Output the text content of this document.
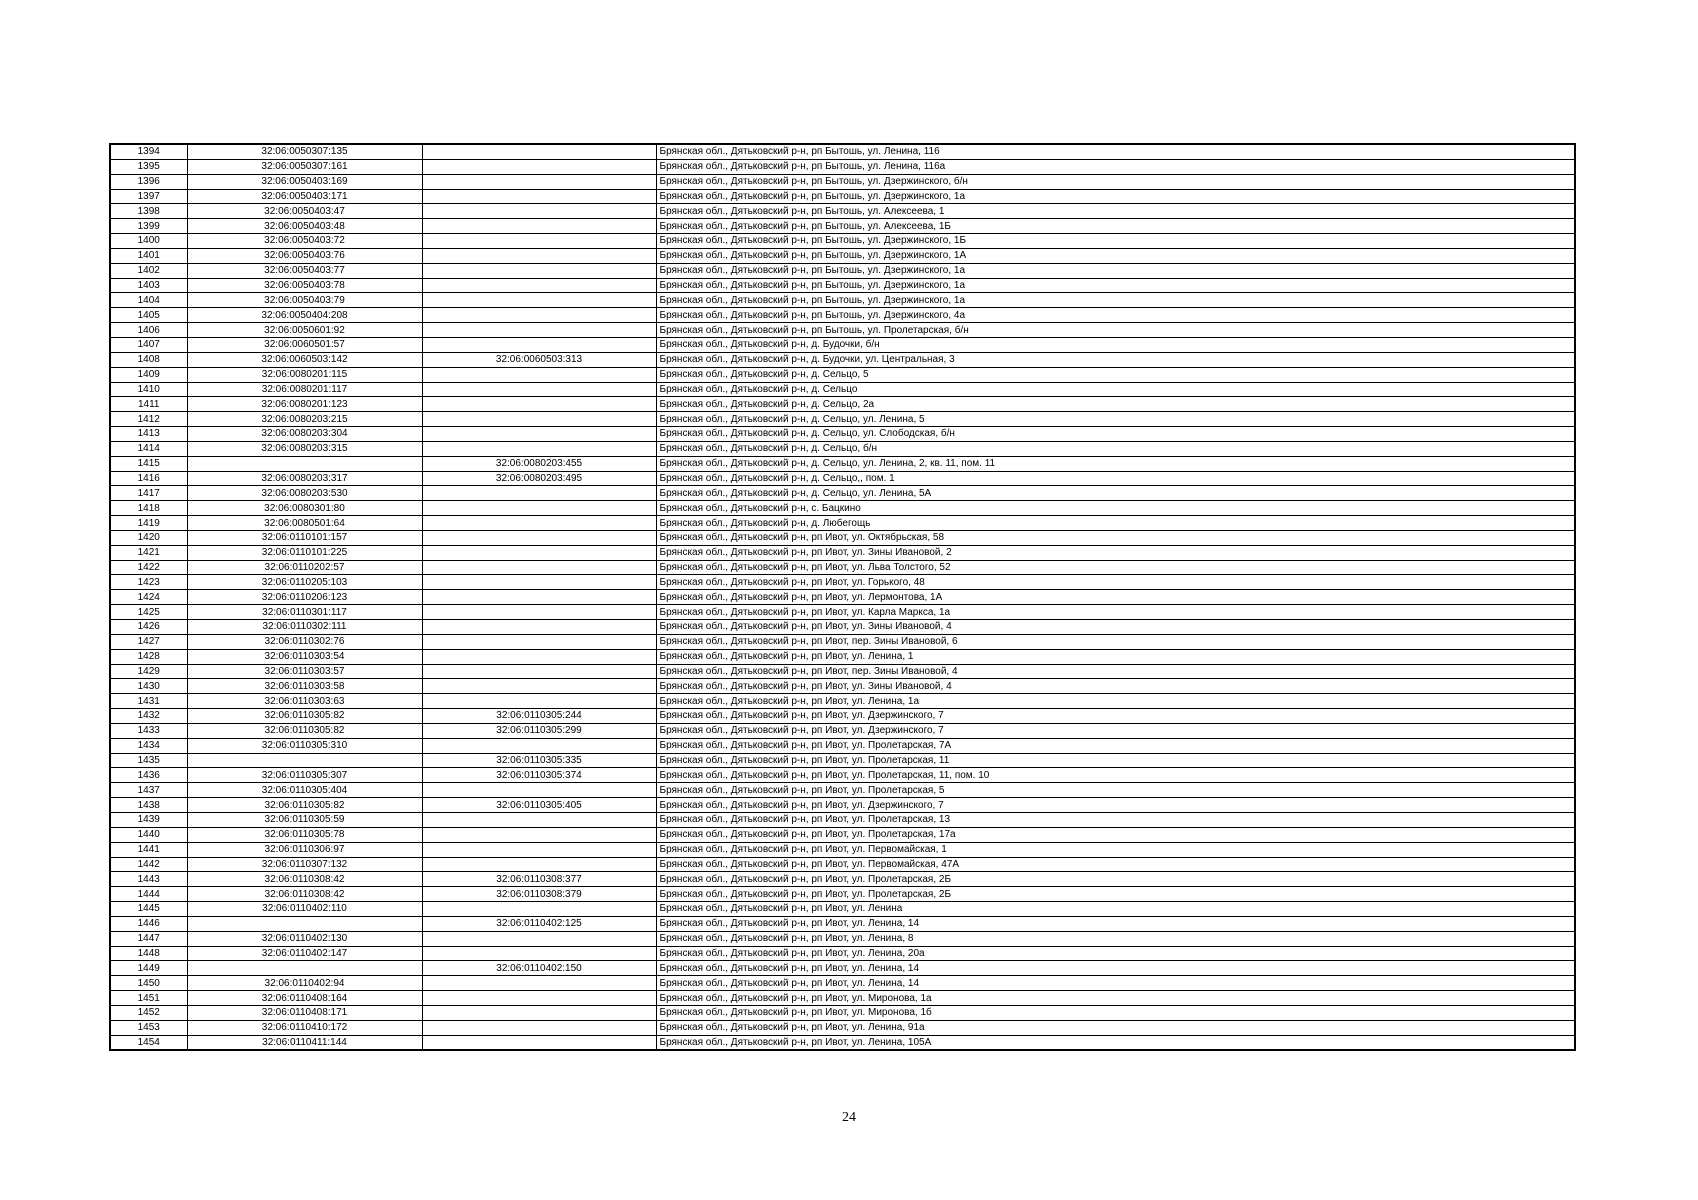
1394	32:06:0050307:135		Брянская обл., Дятьковский р-н, рп Бытошь, ул. Ленина, 116
1395	32:06:0050307:161		Брянская обл., Дятьковский р-н, рп Бытошь, ул. Ленина, 116а
1396	32:06:0050403:169		Брянская обл., Дятьковский р-н, рп Бытошь, ул. Дзержинского, б/н
1397	32:06:0050403:171		Брянская обл., Дятьковский р-н, рп Бытошь, ул. Дзержинского, 1а
1398	32:06:0050403:47		Брянская обл., Дятьковский р-н, рп Бытошь, ул. Алексеева, 1
1399	32:06:0050403:48		Брянская обл., Дятьковский р-н, рп Бытошь, ул. Алексеева, 1Б
1400	32:06:0050403:72		Брянская обл., Дятьковский р-н, рп Бытошь, ул. Дзержинского, 1Б
1401	32:06:0050403:76		Брянская обл., Дятьковский р-н, рп Бытошь, ул. Дзержинского, 1А
1402	32:06:0050403:77		Брянская обл., Дятьковский р-н, рп Бытошь, ул. Дзержинского, 1а
1403	32:06:0050403:78		Брянская обл., Дятьковский р-н, рп Бытошь, ул. Дзержинского, 1а
1404	32:06:0050403:79		Брянская обл., Дятьковский р-н, рп Бытошь, ул. Дзержинского, 1а
1405	32:06:0050404:208		Брянская обл., Дятьковский р-н, рп Бытошь, ул. Дзержинского, 4а
1406	32:06:0050601:92		Брянская обл., Дятьковский р-н, рп Бытошь, ул. Пролетарская, б/н
1407	32:06:0060501:57		Брянская обл., Дятьковский р-н, д. Будочки, б/н
1408	32:06:0060503:142	32:06:0060503:313	Брянская обл., Дятьковский р-н, д. Будочки, ул. Центральная, 3
1409	32:06:0080201:115		Брянская обл., Дятьковский р-н, д. Сельцо, 5
1410	32:06:0080201:117		Брянская обл., Дятьковский р-н, д. Сельцо
1411	32:06:0080201:123		Брянская обл., Дятьковский р-н, д. Сельцо, 2а
1412	32:06:0080203:215		Брянская обл., Дятьковский р-н, д. Сельцо, ул. Ленина, 5
1413	32:06:0080203:304		Брянская обл., Дятьковский р-н, д. Сельцо, ул. Слободская, б/н
1414	32:06:0080203:315		Брянская обл., Дятьковский р-н, д. Сельцо, б/н
1415		32:06:0080203:455	Брянская обл., Дятьковский р-н, д. Сельцо, ул. Ленина, 2, кв. 11, пом. 11
1416	32:06:0080203:317	32:06:0080203:495	Брянская обл., Дятьковский р-н, д. Сельцо,, пом. 1
1417	32:06:0080203:530		Брянская обл., Дятьковский р-н, д. Сельцо, ул. Ленина, 5А
1418	32:06:0080301:80		Брянская обл., Дятьковский р-н, с. Бацкино
1419	32:06:0080501:64		Брянская обл., Дятьковский р-н, д. Любегощь
1420	32:06:0110101:157		Брянская обл., Дятьковский р-н, рп Ивот, ул. Октябрьская, 58
1421	32:06:0110101:225		Брянская обл., Дятьковский р-н, рп Ивот, ул. Зины Ивановой, 2
1422	32:06:0110202:57		Брянская обл., Дятьковский р-н, рп Ивот, ул. Льва Толстого, 52
1423	32:06:0110205:103		Брянская обл., Дятьковский р-н, рп Ивот, ул. Горького, 48
1424	32:06:0110206:123		Брянская обл., Дятьковский р-н, рп Ивот, ул. Лермонтова, 1А
1425	32:06:0110301:117		Брянская обл., Дятьковский р-н, рп Ивот, ул. Карла Маркса, 1а
1426	32:06:0110302:111		Брянская обл., Дятьковский р-н, рп Ивот, ул. Зины Ивановой, 4
1427	32:06:0110302:76		Брянская обл., Дятьковский р-н, рп Ивот, пер. Зины Ивановой, 6
1428	32:06:0110303:54		Брянская обл., Дятьковский р-н, рп Ивот, ул. Ленина, 1
1429	32:06:0110303:57		Брянская обл., Дятьковский р-н, рп Ивот, пер. Зины Ивановой, 4
1430	32:06:0110303:58		Брянская обл., Дятьковский р-н, рп Ивот, ул. Зины Ивановой, 4
1431	32:06:0110303:63		Брянская обл., Дятьковский р-н, рп Ивот, ул. Ленина, 1а
1432	32:06:0110305:82	32:06:0110305:244	Брянская обл., Дятьковский р-н, рп Ивот, ул. Дзержинского, 7
1433	32:06:0110305:82	32:06:0110305:299	Брянская обл., Дятьковский р-н, рп Ивот, ул. Дзержинского, 7
1434	32:06:0110305:310		Брянская обл., Дятьковский р-н, рп Ивот, ул. Пролетарская, 7А
1435		32:06:0110305:335	Брянская обл., Дятьковский р-н, рп Ивот, ул. Пролетарская, 11
1436	32:06:0110305:307	32:06:0110305:374	Брянская обл., Дятьковский р-н, рп Ивот, ул. Пролетарская, 11, пом. 10
1437	32:06:0110305:404		Брянская обл., Дятьковский р-н, рп Ивот, ул. Пролетарская, 5
1438	32:06:0110305:82	32:06:0110305:405	Брянская обл., Дятьковский р-н, рп Ивот, ул. Дзержинского, 7
1439	32:06:0110305:59		Брянская обл., Дятьковский р-н, рп Ивот, ул. Пролетарская, 13
1440	32:06:0110305:78		Брянская обл., Дятьковский р-н, рп Ивот, ул. Пролетарская, 17а
1441	32:06:0110306:97		Брянская обл., Дятьковский р-н, рп Ивот, ул. Первомайская, 1
1442	32:06:0110307:132		Брянская обл., Дятьковский р-н, рп Ивот, ул. Первомайская, 47А
1443	32:06:0110308:42	32:06:0110308:377	Брянская обл., Дятьковский р-н, рп Ивот, ул. Пролетарская, 2Б
1444	32:06:0110308:42	32:06:0110308:379	Брянская обл., Дятьковский р-н, рп Ивот, ул. Пролетарская, 2Б
1445	32:06:0110402:110		Брянская обл., Дятьковский р-н, рп Ивот, ул. Ленина
1446		32:06:0110402:125	Брянская обл., Дятьковский р-н, рп Ивот, ул. Ленина, 14
1447	32:06:0110402:130		Брянская обл., Дятьковский р-н, рп Ивот, ул. Ленина, 8
1448	32:06:0110402:147		Брянская обл., Дятьковский р-н, рп Ивот, ул. Ленина, 20а
1449		32:06:0110402:150	Брянская обл., Дятьковский р-н, рп Ивот, ул. Ленина, 14
1450	32:06:0110402:94		Брянская обл., Дятьковский р-н, рп Ивот, ул. Ленина, 14
1451	32:06:0110408:164		Брянская обл., Дятьковский р-н, рп Ивот, ул. Миронова, 1а
1452	32:06:0110408:171		Брянская обл., Дятьковский р-н, рп Ивот, ул. Миронова, 1б
1453	32:06:0110410:172		Брянская обл., Дятьковский р-н, рп Ивот, ул. Ленина, 91а
1454	32:06:0110411:144		Брянская обл., Дятьковский р-н, рп Ивот, ул. Ленина, 105А
24
